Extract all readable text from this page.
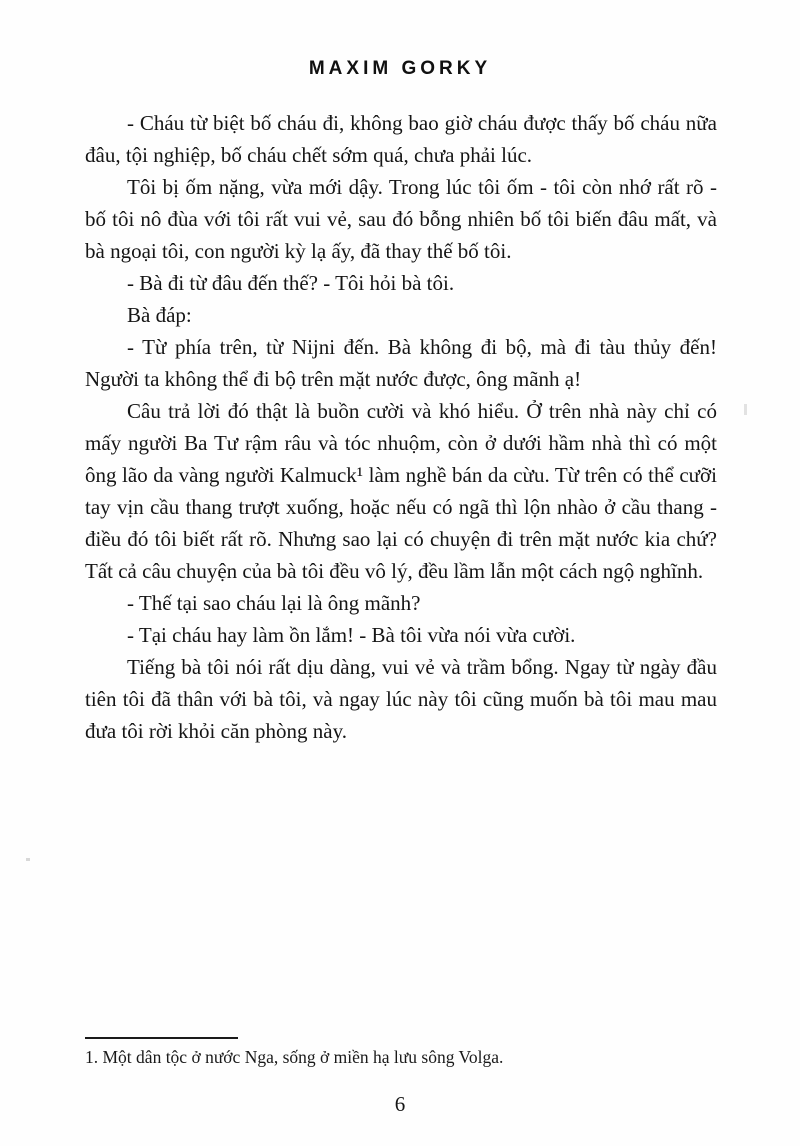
MAXIM GORKY

- Cháu từ biệt bố cháu đi, không bao giờ cháu được thấy bố cháu nữa đâu, tội nghiệp, bố cháu chết sớm quá, chưa phải lúc.

Tôi bị ốm nặng, vừa mới dậy. Trong lúc tôi ốm - tôi còn nhớ rất rõ - bố tôi nô đùa với tôi rất vui vẻ, sau đó bỗng nhiên bố tôi biến đâu mất, và bà ngoại tôi, con người kỳ lạ ấy, đã thay thế bố tôi.

- Bà đi từ đâu đến thế? - Tôi hỏi bà tôi.

Bà đáp:

- Từ phía trên, từ Nijni đến. Bà không đi bộ, mà đi tàu thủy đến! Người ta không thể đi bộ trên mặt nước được, ông mãnh ạ!

Câu trả lời đó thật là buồn cười và khó hiểu. Ở trên nhà này chỉ có mấy người Ba Tư rậm râu và tóc nhuộm, còn ở dưới hầm nhà thì có một ông lão da vàng người Kalmuck¹ làm nghề bán da cừu. Từ trên có thể cưỡi tay vịn cầu thang trượt xuống, hoặc nếu có ngã thì lộn nhào ở cầu thang - điều đó tôi biết rất rõ. Nhưng sao lại có chuyện đi trên mặt nước kia chứ? Tất cả câu chuyện của bà tôi đều vô lý, đều lầm lẫn một cách ngộ nghĩnh.

- Thế tại sao cháu lại là ông mãnh?

- Tại cháu hay làm ồn lắm! - Bà tôi vừa nói vừa cười.

Tiếng bà tôi nói rất dịu dàng, vui vẻ và trầm bổng. Ngay từ ngày đầu tiên tôi đã thân với bà tôi, và ngay lúc này tôi cũng muốn bà tôi mau mau đưa tôi rời khỏi căn phòng này.

1. Một dân tộc ở nước Nga, sống ở miền hạ lưu sông Volga.
6
